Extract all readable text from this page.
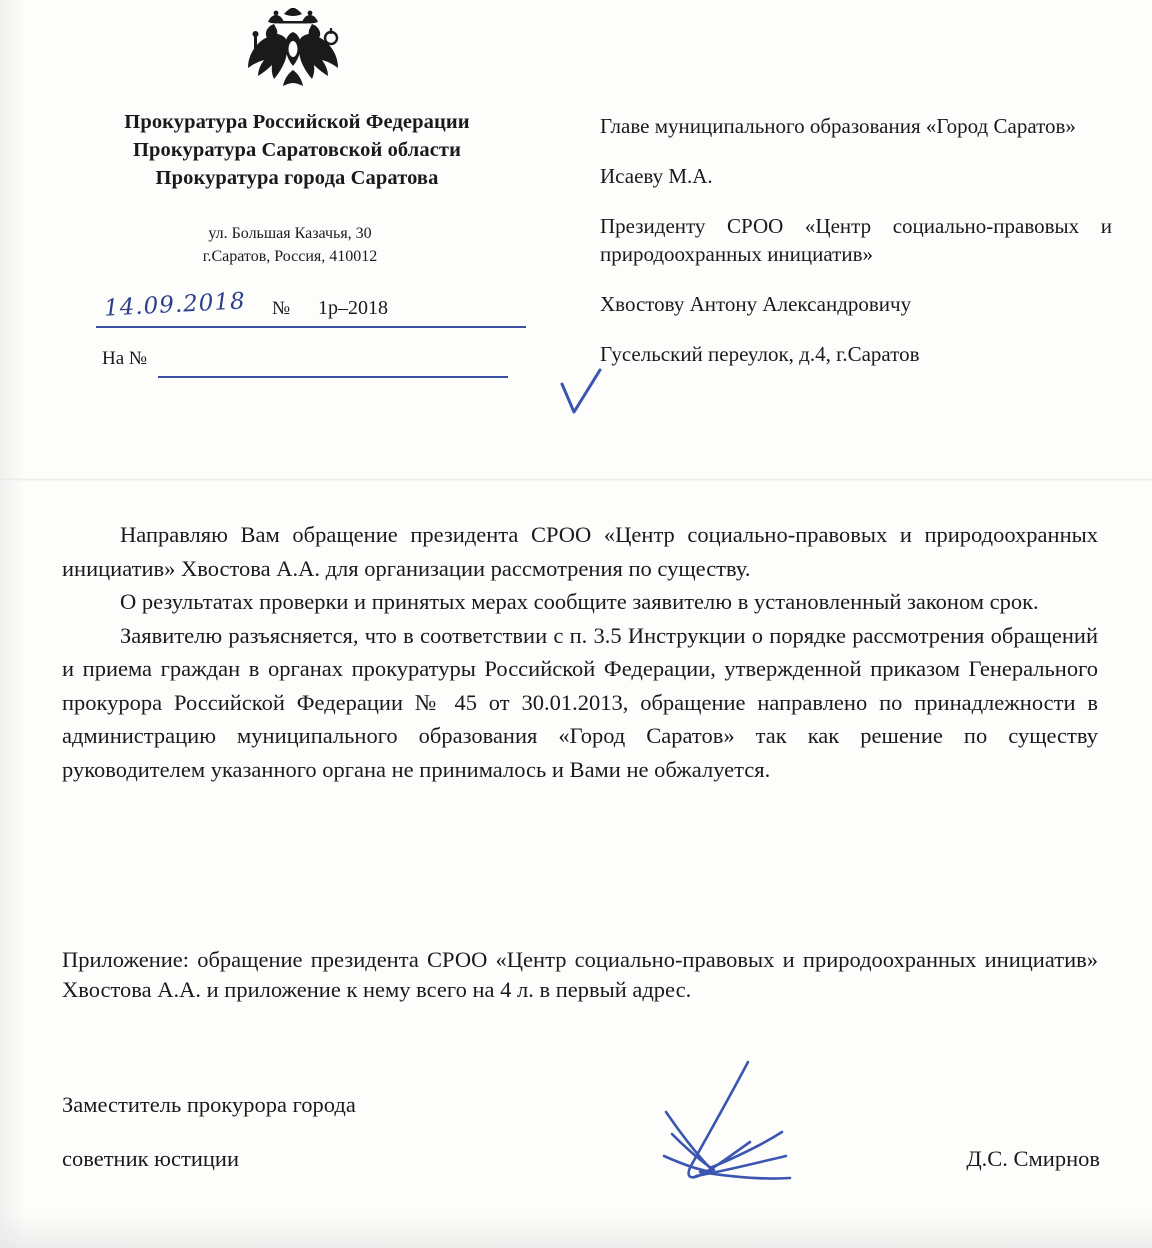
Прокуратура Российской Федерации
Прокуратура Саратовской области
Прокуратура города Саратова
ул. Большая Казачья, 30
г.Саратов, Россия, 410012
14.09.2018 № 1р–2018
На №

Главе муниципального образования «Город Саратов»

Исаеву М.А.

Президенту СРОО «Центр социально-правовых и природоохранных инициатив»

Хвостову Антону Александровичу

Гусельский переулок, д.4, г.Саратов

Направляю Вам обращение президента СРОО «Центр социально-правовых и природоохранных инициатив» Хвостова А.А. для организации рассмотрения по существу.

О результатах проверки и принятых мерах сообщите заявителю в установленный законом срок.

Заявителю разъясняется, что в соответствии с п. 3.5 Инструкции о порядке рассмотрения обращений и приема граждан в органах прокуратуры Российской Федерации, утвержденной приказом Генерального прокурора Российской Федерации № 45 от 30.01.2013, обращение направлено по принадлежности в администрацию муниципального образования «Город Саратов» так как решение по существу руководителем указанного органа не принималось и Вами не обжалуется.

Приложение: обращение президента СРОО «Центр социально-правовых и природоохранных инициатив» Хвостова А.А. и приложение к нему всего на 4 л. в первый адрес.

Заместитель прокурора города
советник юстиции	Д.С. Смирнов
